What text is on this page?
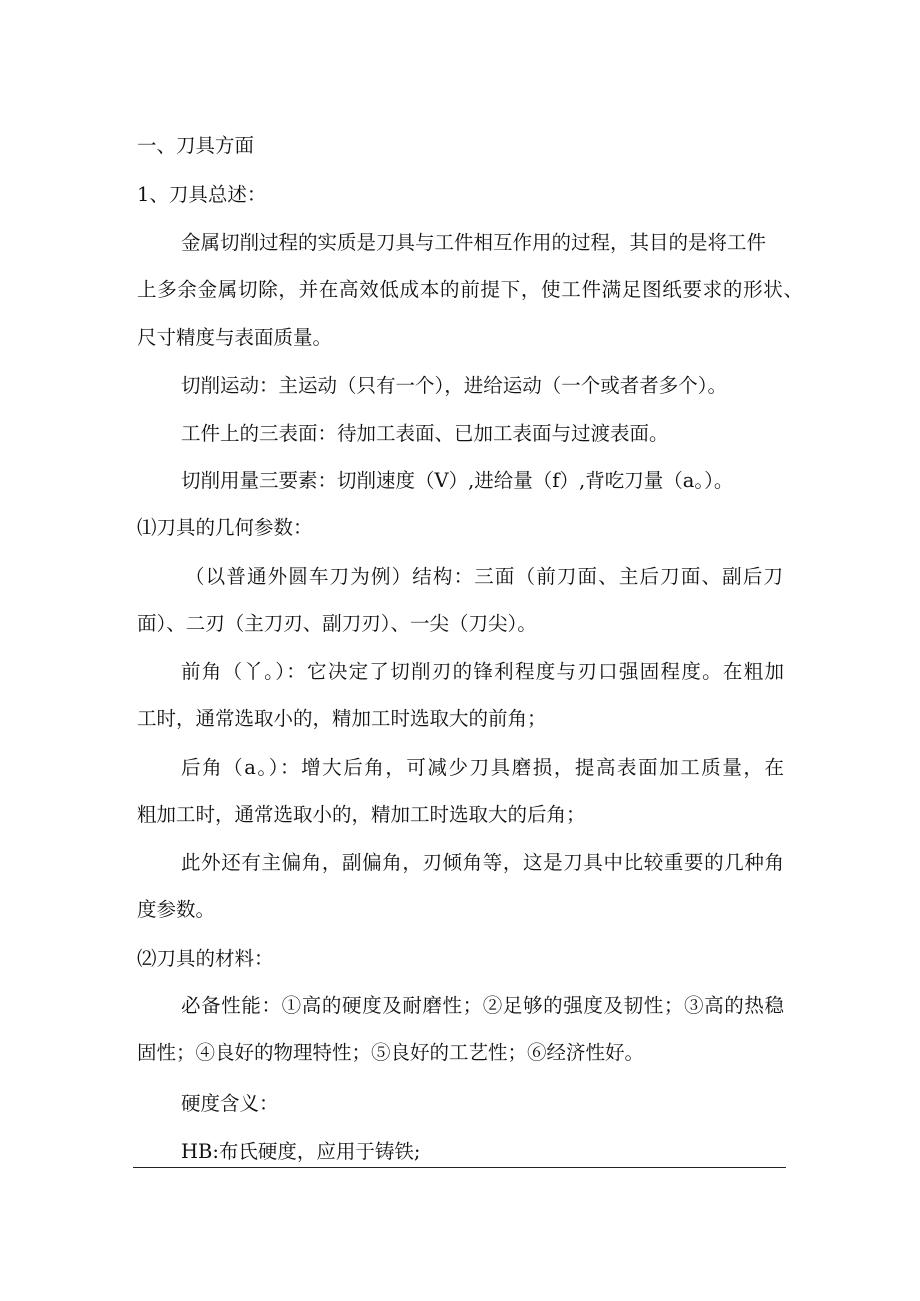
一、刀具方面
1、刀具总述：
金属切削过程的实质是刀具与工件相互作用的过程，其目的是将工件
上多余金属切除，并在高效低成本的前提下，使工件满足图纸要求的形状、
尺寸精度与表面质量。
切削运动：主运动（只有一个），进给运动（一个或者者多个）。
工件上的三表面：待加工表面、已加工表面与过渡表面。
切削用量三要素：切削速度（V）,进给量（f）,背吃刀量（a。）。
⑴刀具的几何参数：
（以普通外圆车刀为例）结构：三面（前刀面、主后刀面、副后刀
面）、二刃（主刀刃、副刀刃）、一尖（刀尖）。
前角（丫。）：它决定了切削刃的锋利程度与刃口强固程度。在粗加
工时，通常选取小的，精加工时选取大的前角；
后角（a。）：增大后角，可减少刀具磨损，提高表面加工质量，在
粗加工时，通常选取小的，精加工时选取大的后角；
此外还有主偏角，副偏角，刃倾角等，这是刀具中比较重要的几种角
度参数。
⑵刀具的材料：
必备性能：①高的硬度及耐磨性；②足够的强度及韧性；③高的热稳
固性；④良好的物理特性；⑤良好的工艺性；⑥经济性好。
硬度含义：
HB:布氏硬度，应用于铸铁;
